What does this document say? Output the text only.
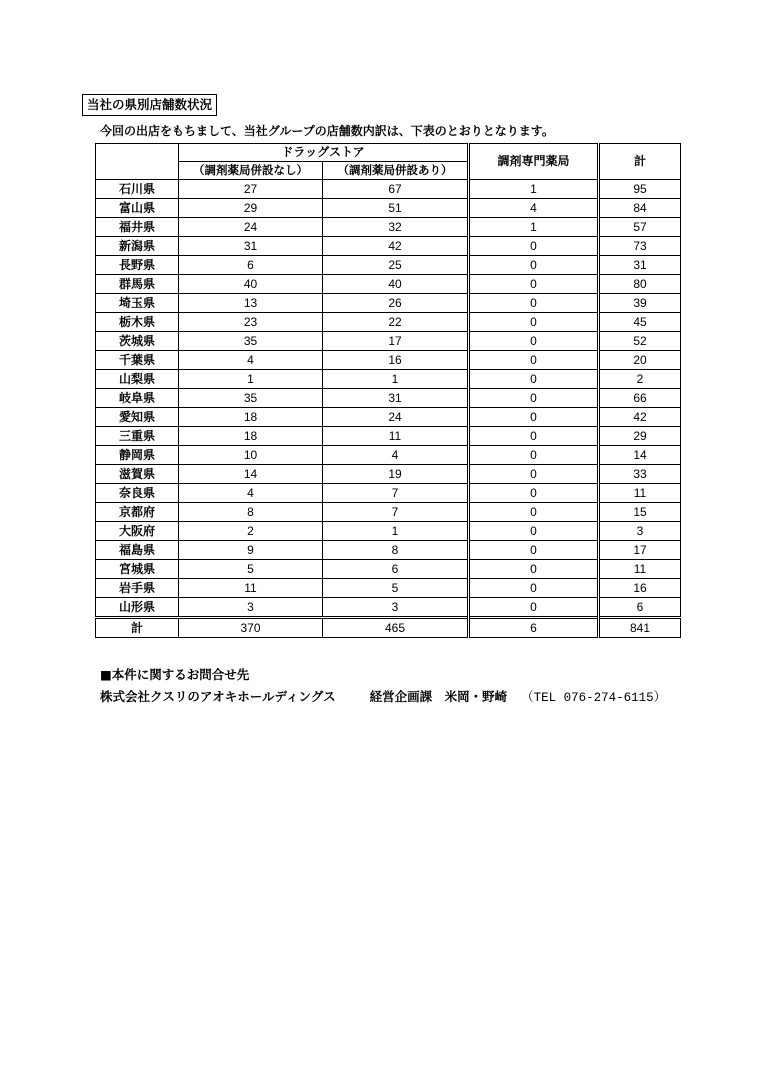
当社の県別店舗数状況
今回の出店をもちまして、当社グループの店舗数内訳は、下表のとおりとなります。
	ドラッグストア		調剤専門薬局	計
	（調剤薬局併設なし）	（調剤薬局併設あり）		
石川県	27	67	1	95
富山県	29	51	4	84
福井県	24	32	1	57
新潟県	31	42	0	73
長野県	6	25	0	31
群馬県	40	40	0	80
埼玉県	13	26	0	39
栃木県	23	22	0	45
茨城県	35	17	0	52
千葉県	4	16	0	20
山梨県	1	1	0	2
岐阜県	35	31	0	66
愛知県	18	24	0	42
三重県	18	11	0	29
静岡県	10	4	0	14
滋賀県	14	19	0	33
奈良県	4	7	0	11
京都府	8	7	0	15
大阪府	2	1	0	3
福島県	9	8	0	17
宮城県	5	6	0	11
岩手県	11	5	0	16
山形県	3	3	0	6
計	370	465	6	841
■本件に関するお問合せ先
株式会社クスリのアオキホールディングス	経営企画課　米岡・野崎 （TEL 076-274-6115）
